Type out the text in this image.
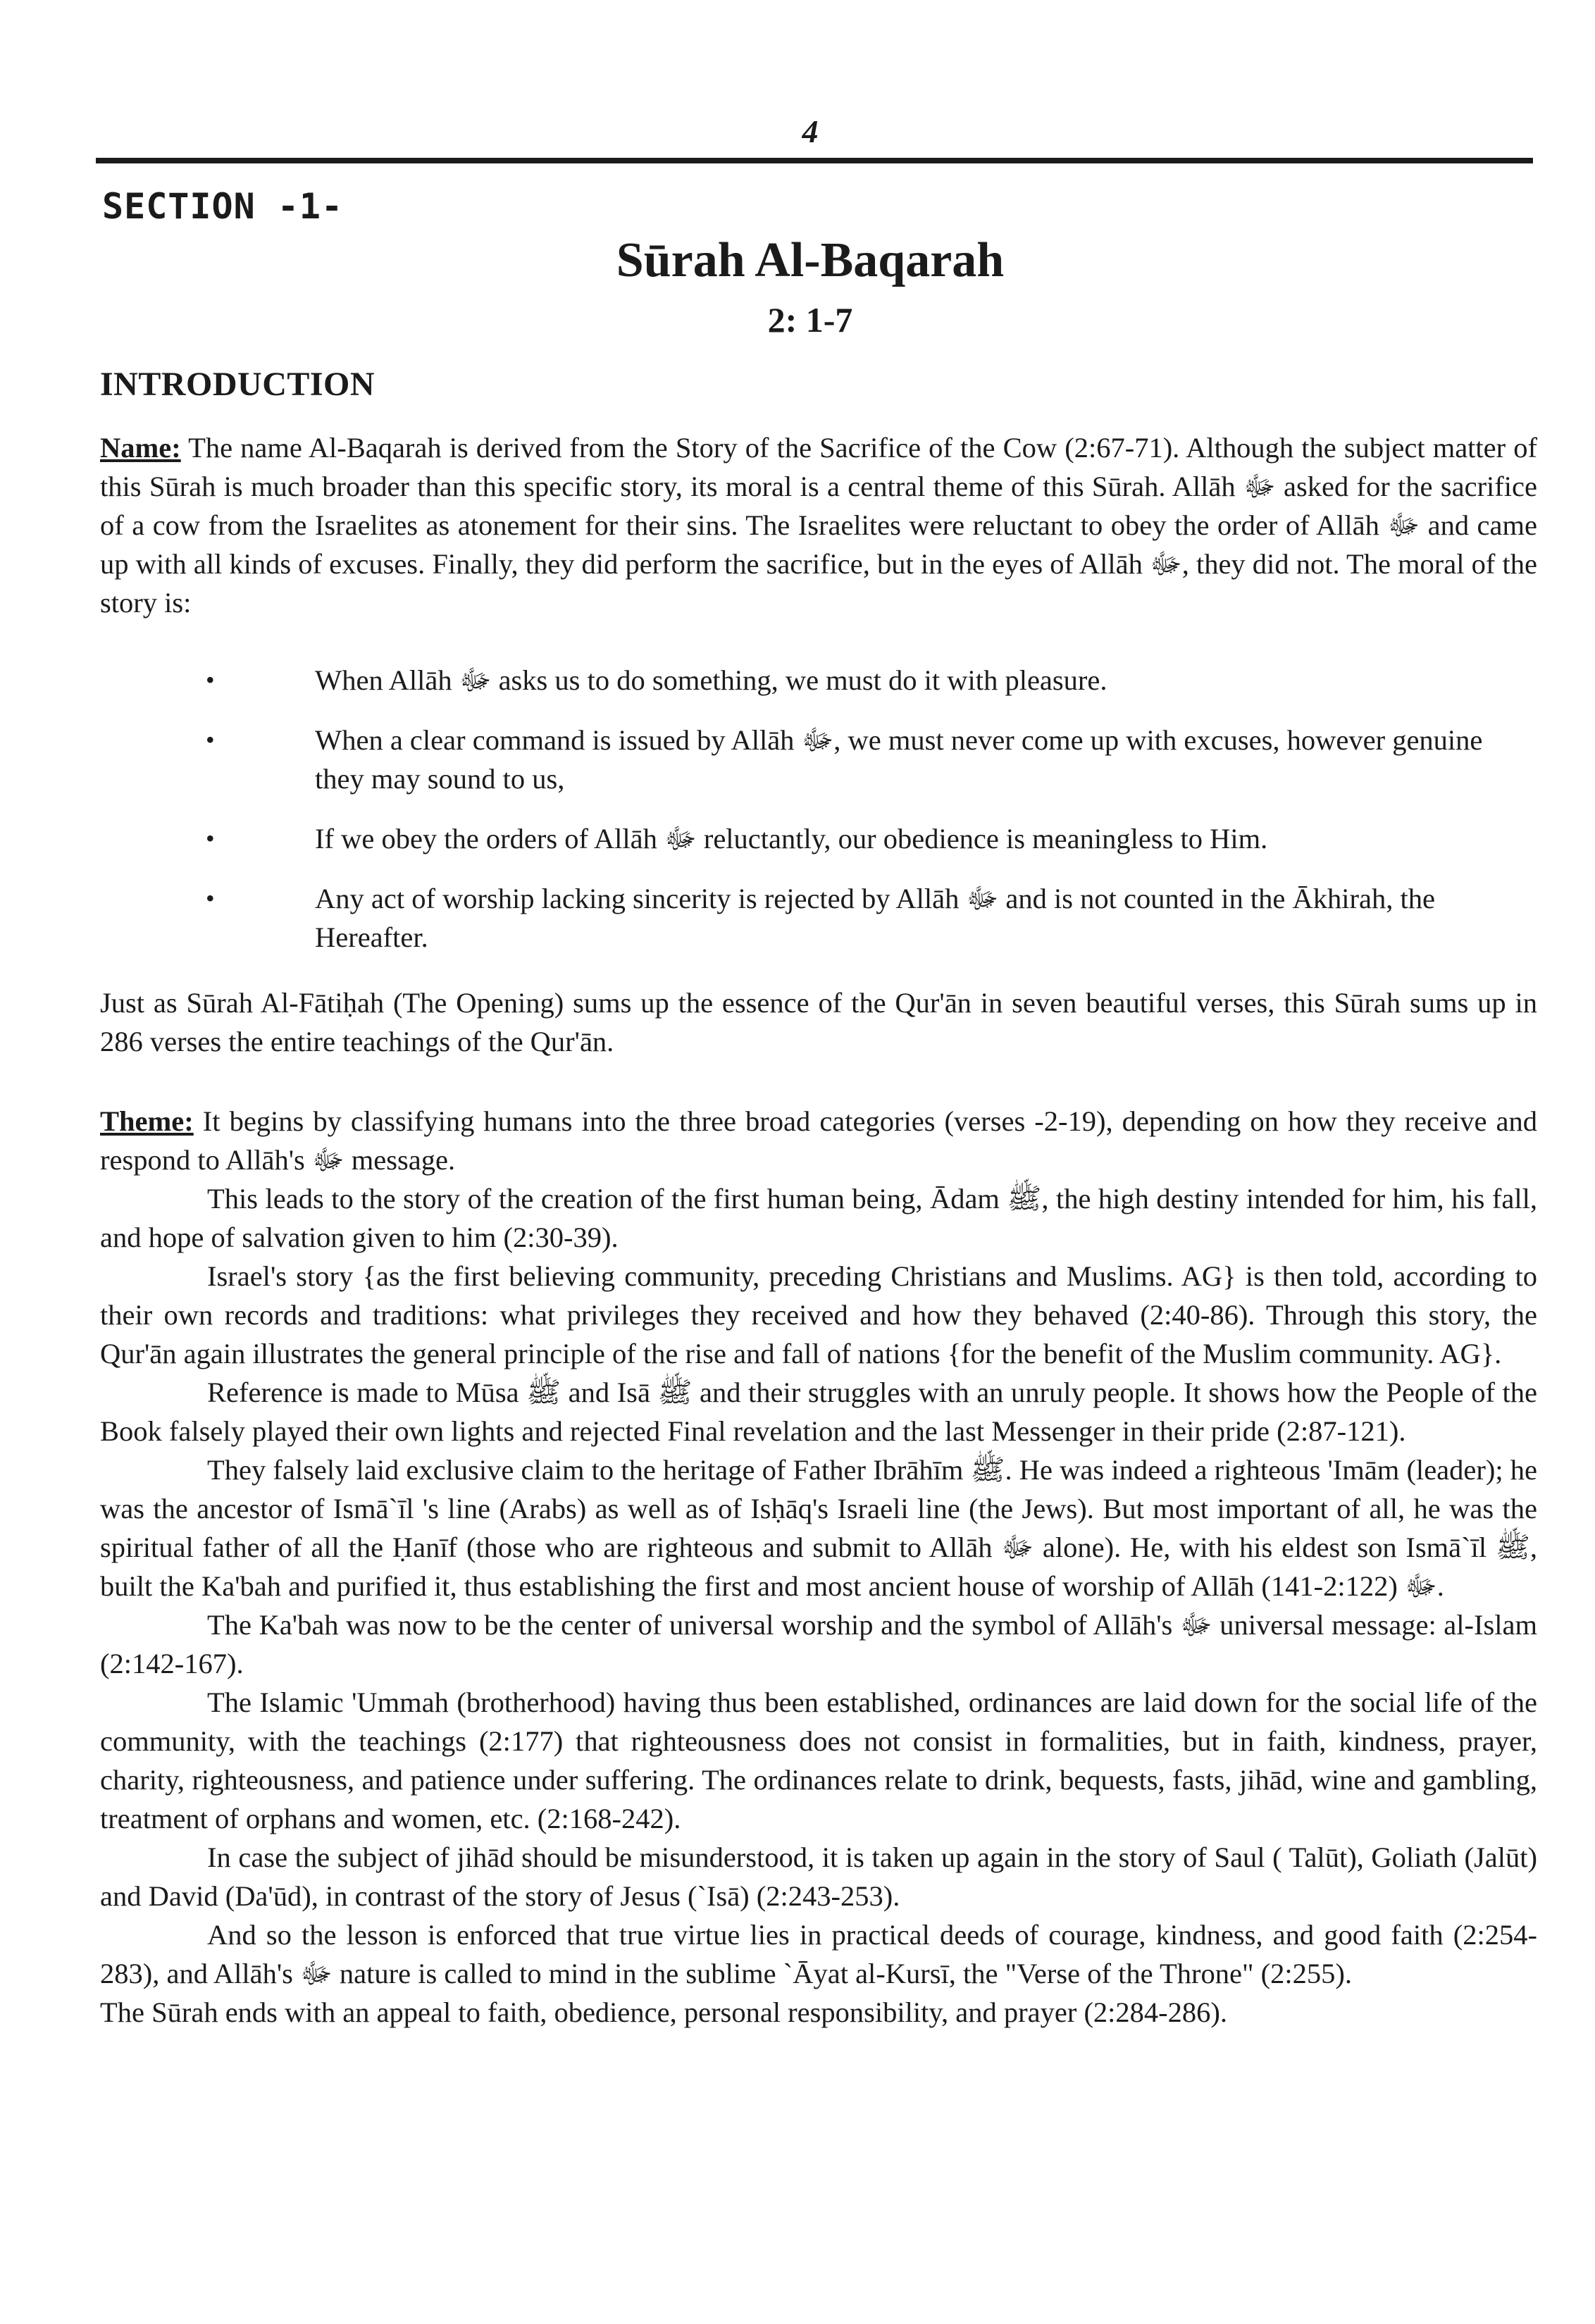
4
SECTION -1-
Sūrah Al-Baqarah
2: 1-7
INTRODUCTION

Name: The name Al-Baqarah is derived from the Story of the Sacrifice of the Cow (2:67-71). Although the subject matter of this Sūrah is much broader than this specific story, its moral is a central theme of this Sūrah. Allāh ﷻ asked for the sacrifice of a cow from the Israelites as atonement for their sins. The Israelites were reluctant to obey the order of Allāh ﷻ and came up with all kinds of excuses. Finally, they did perform the sacrifice, but in the eyes of Allāh ﷻ, they did not. The moral of the story is:

•	When Allāh ﷻ asks us to do something, we must do it with pleasure.
•	When a clear command is issued by Allāh ﷻ, we must never come up with excuses, however genuine they may sound to us,
•	If we obey the orders of Allāh ﷻ reluctantly, our obedience is meaningless to Him.
•	Any act of worship lacking sincerity is rejected by Allāh ﷻ and is not counted in the Ākhirah, the Hereafter.

Just as Sūrah Al-Fātiḥah (The Opening) sums up the essence of the Qur'ān in seven beautiful verses, this Sūrah sums up in 286 verses the entire teachings of the Qur'ān.

Theme: It begins by classifying humans into the three broad categories (verses -2-19), depending on how they receive and respond to Allāh's ﷻ message.

This leads to the story of the creation of the first human being, Ādam ﷺ, the high destiny intended for him, his fall, and hope of salvation given to him (2:30-39).

Israel's story {as the first believing community, preceding Christians and Muslims. AG} is then told, according to their own records and traditions: what privileges they received and how they behaved (2:40-86). Through this story, the Qur'ān again illustrates the general principle of the rise and fall of nations {for the benefit of the Muslim community. AG}.

Reference is made to Mūsa ﷺ and Isā ﷺ and their struggles with an unruly people. It shows how the People of the Book falsely played their own lights and rejected Final revelation and the last Messenger in their pride (2:87-121).

They falsely laid exclusive claim to the heritage of Father Ibrāhīm ﷺ. He was indeed a righteous 'Imām (leader); he was the ancestor of Ismā`īl 's line (Arabs) as well as of Isḥāq's Israeli line (the Jews). But most important of all, he was the spiritual father of all the Ḥanīf (those who are righteous and submit to Allāh ﷻ alone). He, with his eldest son Ismā`īl ﷺ, built the Ka'bah and purified it, thus establishing the first and most ancient house of worship of Allāh ﷻ (2:122-141).

The Ka'bah was now to be the center of universal worship and the symbol of Allāh's ﷻ universal message: al-Islam (2:142-167).

The Islamic 'Ummah (brotherhood) having thus been established, ordinances are laid down for the social life of the community, with the teachings (2:177) that righteousness does not consist in formalities, but in faith, kindness, prayer, charity, righteousness, and patience under suffering. The ordinances relate to drink, bequests, fasts, jihād, wine and gambling, treatment of orphans and women, etc. (2:168-242).

In case the subject of jihād should be misunderstood, it is taken up again in the story of Saul ( Talūt), Goliath (Jalūt) and David (Da'ūd), in contrast of the story of Jesus (`Isā) (2:243-253).

And so the lesson is enforced that true virtue lies in practical deeds of courage, kindness, and good faith (2:254-283), and Allāh's ﷻ nature is called to mind in the sublime `Āyat al-Kursī, the "Verse of the Throne" (2:255).

The Sūrah ends with an appeal to faith, obedience, personal responsibility, and prayer (2:284-286).
